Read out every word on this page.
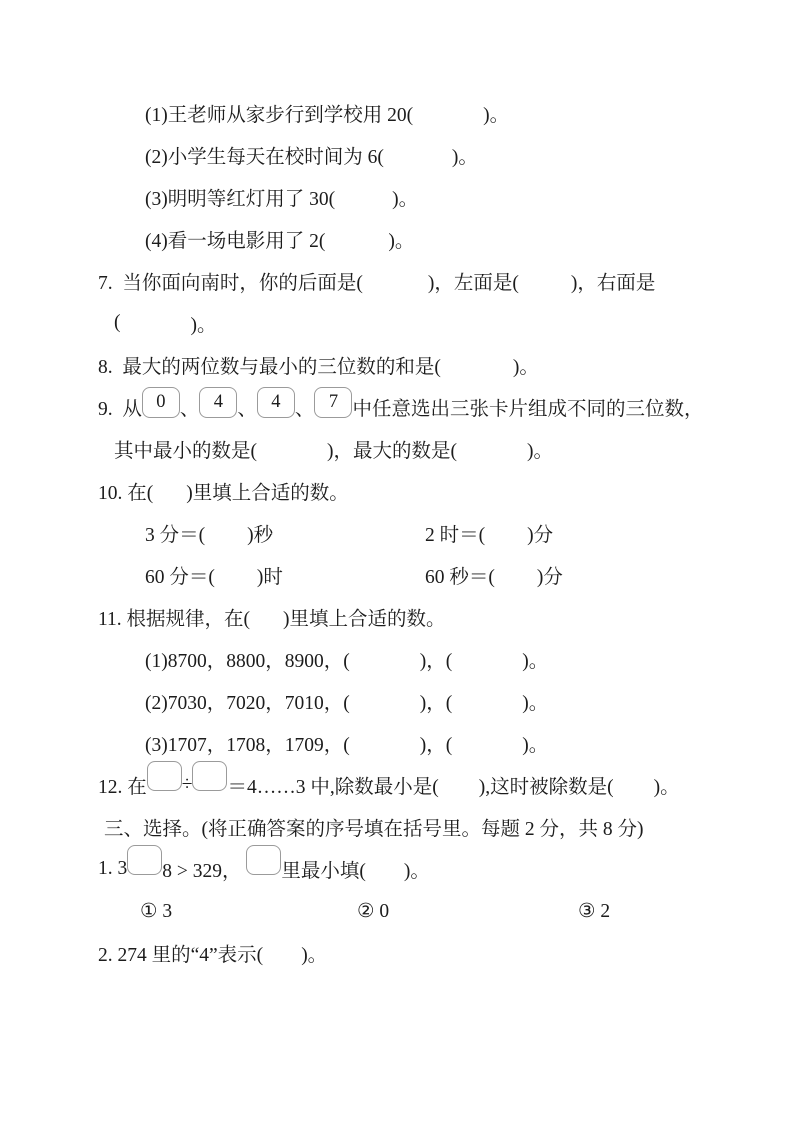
(1)王老师从家步行到学校用 20(	)。
(2)小学生每天在校时间为 6(	)。
(3)明明等红灯用了 30(	)。
(4)看一场电影用了 2(	)。
7.  当你面向南时，你的后面是(	)，左面是(	)，右面是
(	)。
8.  最大的两位数与最小的三位数的和是(	)。
9.  从 0 、 4 、 4 、 7 中任意选出三张卡片组成不同的三位数，
其中最小的数是(	)，最大的数是(	)。
10. 在( )里填上合适的数。
3 分＝( )秒	2 时＝( )分
60 分＝( )时	60 秒＝( )分
11. 根据规律，在( )里填上合适的数。
(1)8700，8800，8900，(	)，(	)。
(2)7030，7020，7010，(	)，(	)。
(3)1707，1708，1709，(	)，(	)。
12. 在 ÷ ＝4……3 中,除数最小是( ),这时被除数是( )。
三、选择。(将正确答案的序号填在括号里。每题 2 分，共 8 分)
1. 3 8 > 329， 里最小填( )。
① 3	② 0	③ 2
2. 274 里的“4”表示( )。
